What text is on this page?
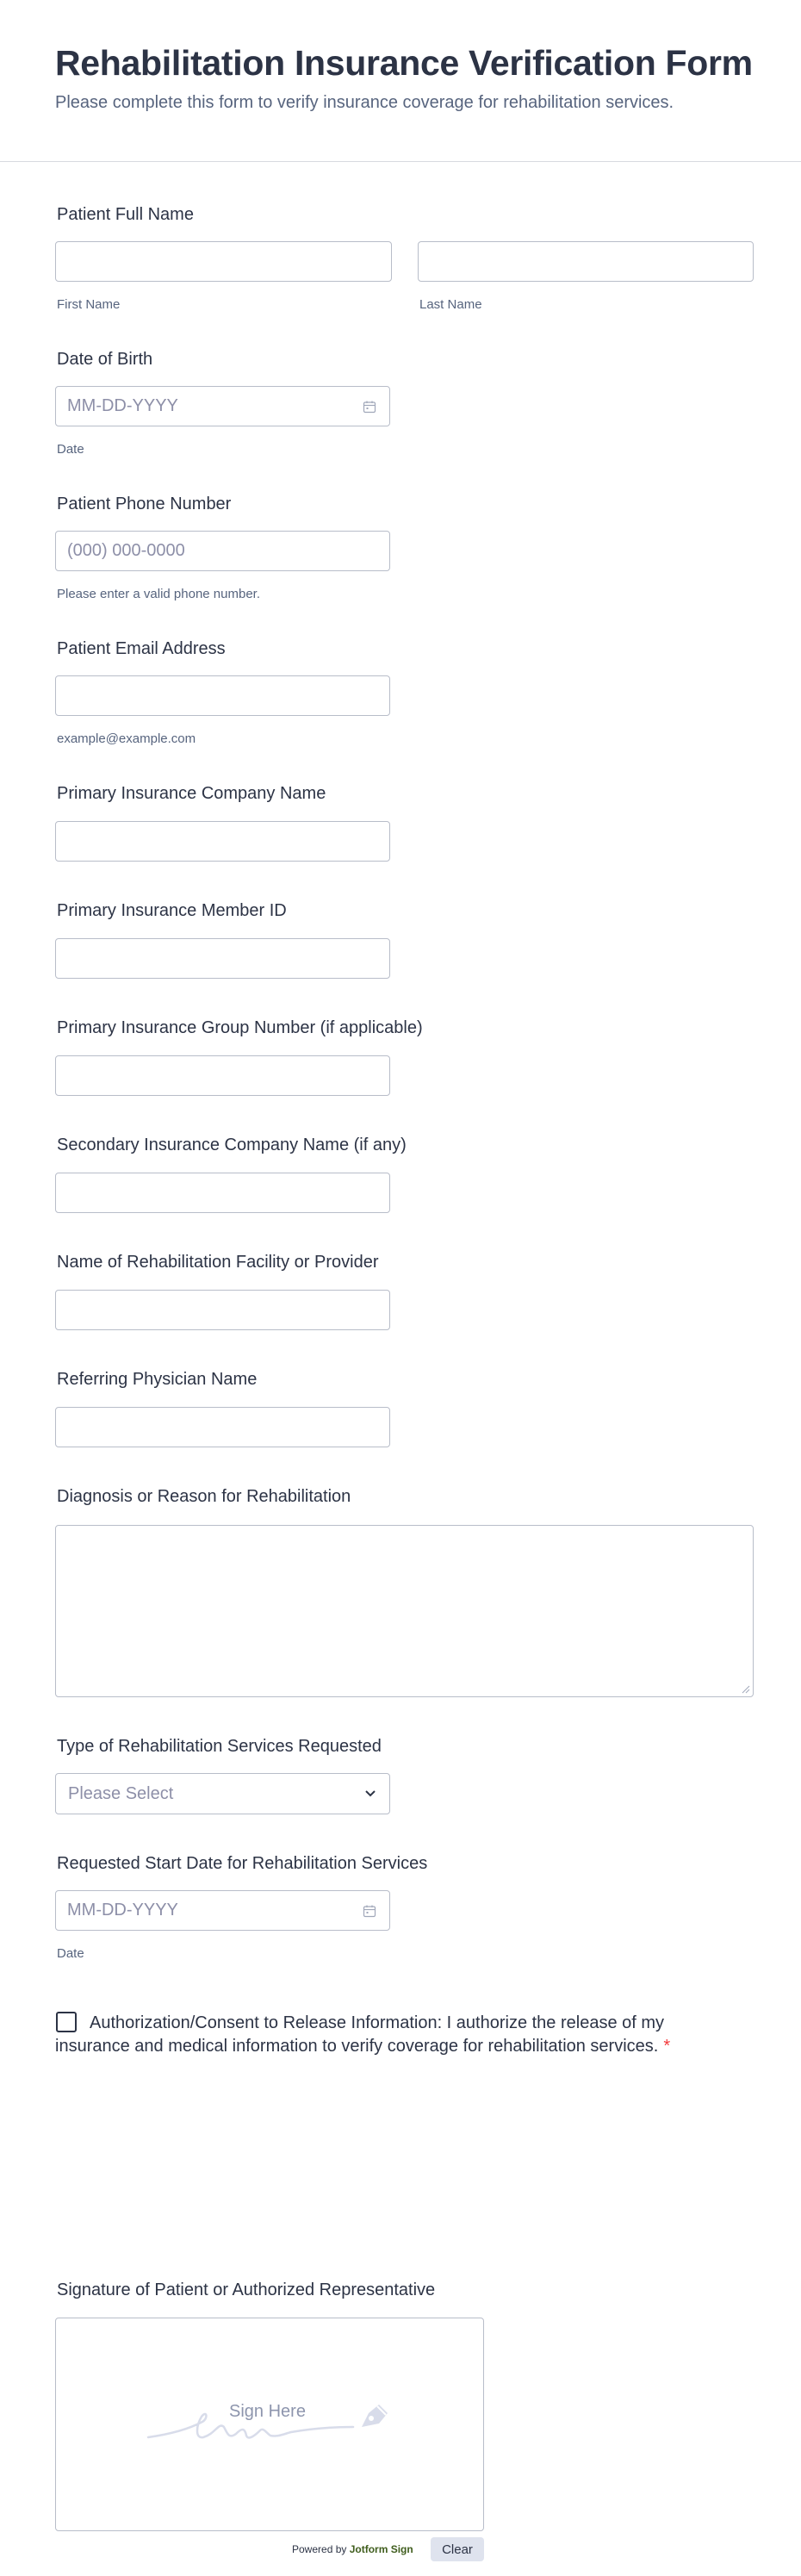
Rehabilitation Insurance Verification Form
Please complete this form to verify insurance coverage for rehabilitation services.
Patient Full Name
First Name	Last Name
Date of Birth
MM-DD-YYYY
Date
Patient Phone Number
(000) 000-0000
Please enter a valid phone number.
Patient Email Address
example@example.com
Primary Insurance Company Name
Primary Insurance Member ID
Primary Insurance Group Number (if applicable)
Secondary Insurance Company Name (if any)
Name of Rehabilitation Facility or Provider
Referring Physician Name
Diagnosis or Reason for Rehabilitation
Type of Rehabilitation Services Requested
Please Select
Requested Start Date for Rehabilitation Services
MM-DD-YYYY
Date
Authorization/Consent to Release Information: I authorize the release of my insurance and medical information to verify coverage for rehabilitation services. *
Signature of Patient or Authorized Representative
Sign Here
Powered by Jotform Sign	Clear
